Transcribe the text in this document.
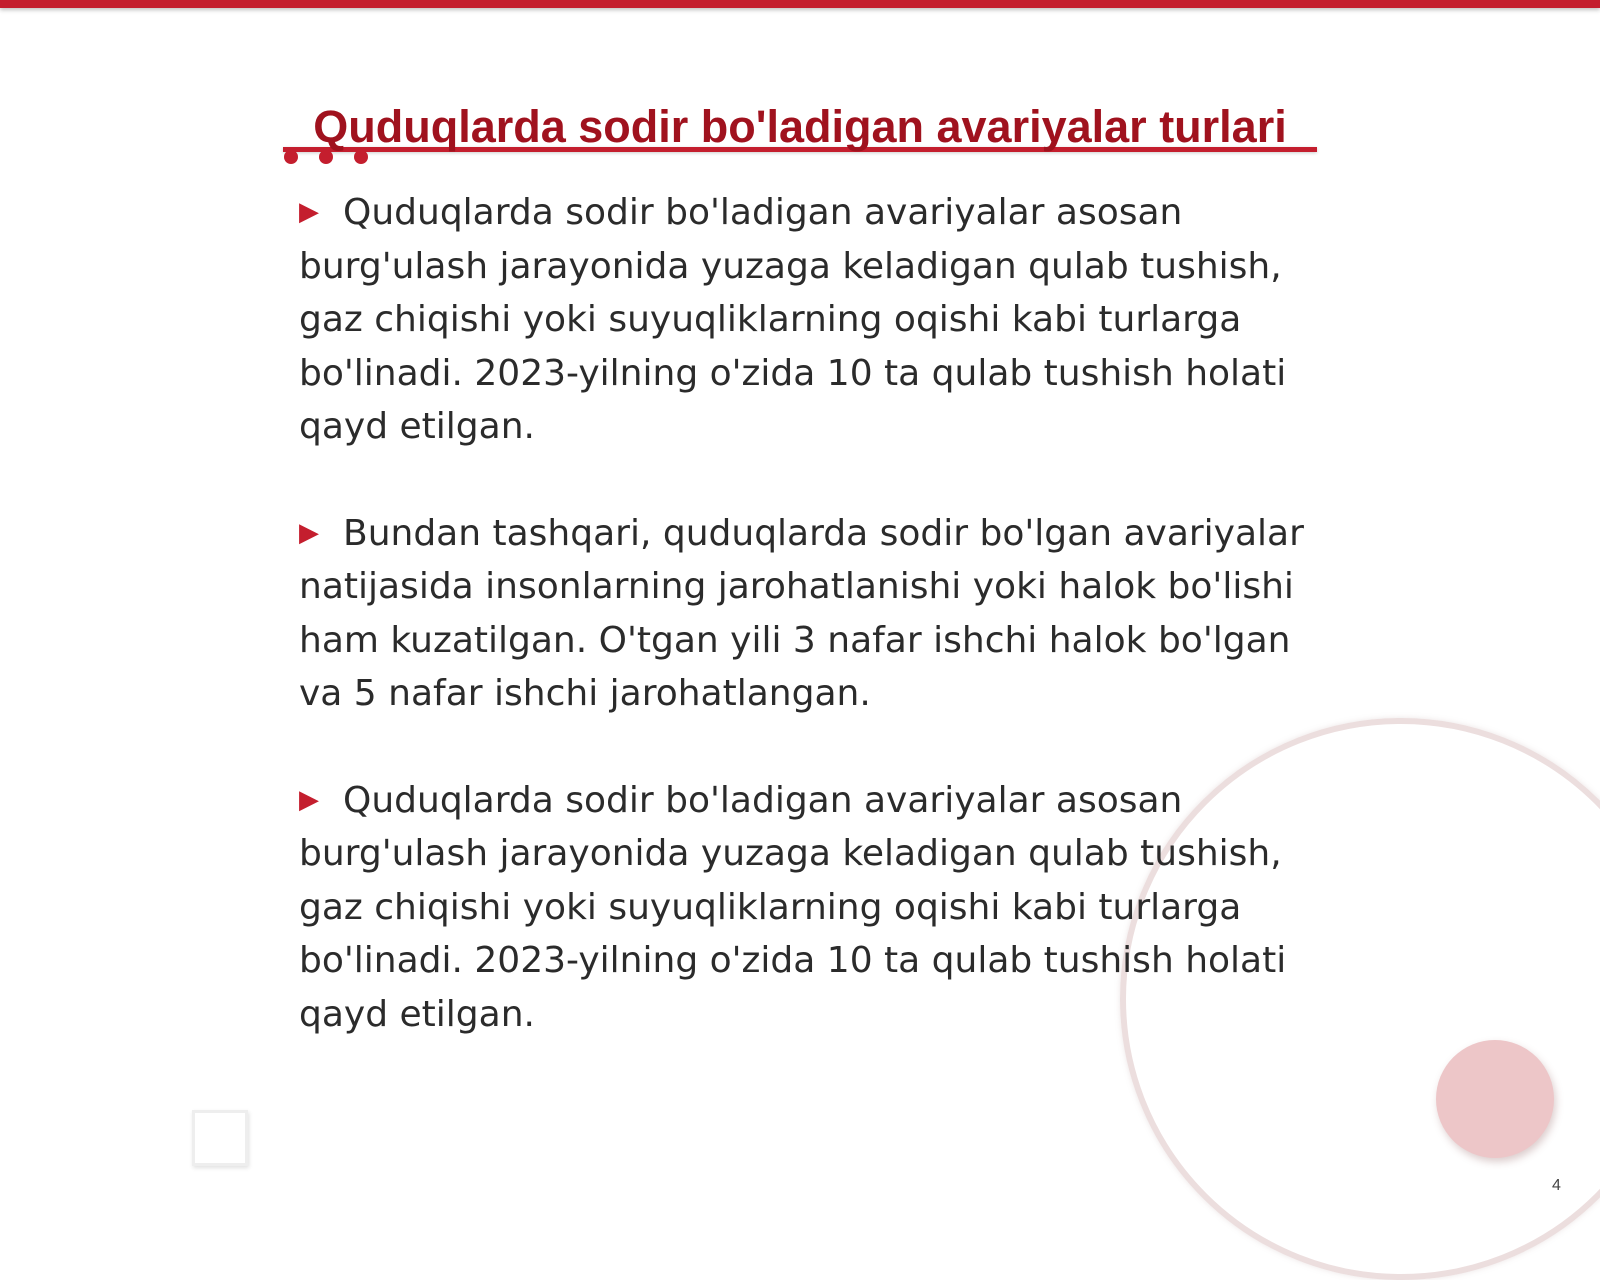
Quduqlarda sodir bo'ladigan avariyalar turlari

▶ Quduqlarda sodir bo'ladigan avariyalar asosan burg'ulash jarayonida yuzaga keladigan qulab tushish, gaz chiqishi yoki suyuqliklarning oqishi kabi turlarga bo'linadi. 2023-yilning o'zida 10 ta qulab tushish holati qayd etilgan.

▶ Bundan tashqari, quduqlarda sodir bo'lgan avariyalar natijasida insonlarning jarohatlanishi yoki halok bo'lishi ham kuzatilgan. O'tgan yili 3 nafar ishchi halok bo'lgan va 5 nafar ishchi jarohatlangan.

▶ Quduqlarda sodir bo'ladigan avariyalar asosan burg'ulash jarayonida yuzaga keladigan qulab tushish, gaz chiqishi yoki suyuqliklarning oqishi kabi turlarga bo'linadi. 2023-yilning o'zida 10 ta qulab tushish holati qayd etilgan.

4
